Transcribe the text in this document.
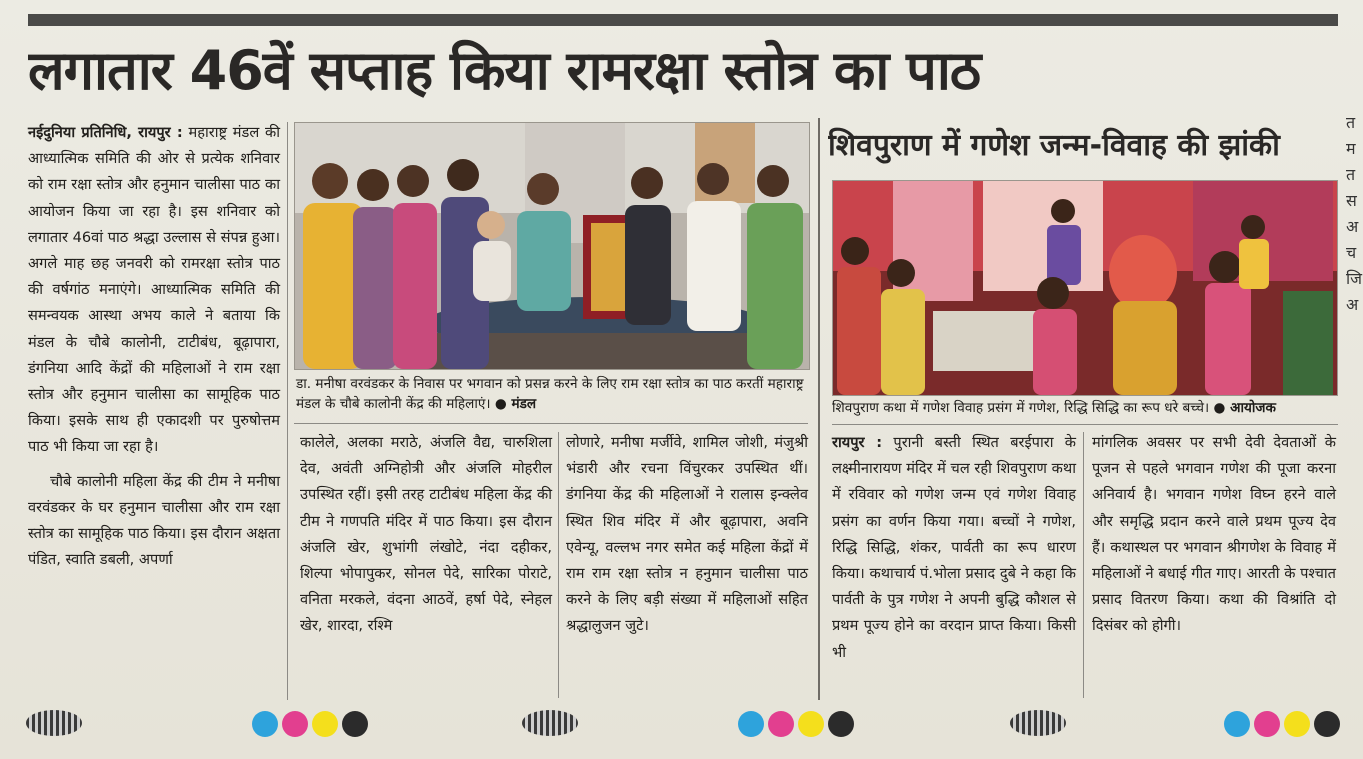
लगातार 46वें सप्ताह किया रामरक्षा स्तोत्र का पाठ

नईदुनिया प्रतिनिधि, रायपुर : महाराष्ट्र मंडल की आध्यात्मिक समिति की ओर से प्रत्येक शनिवार को राम रक्षा स्तोत्र और हनुमान चालीसा पाठ का आयोजन किया जा रहा है। इस शनिवार को लगातार 46वां पाठ श्रद्धा उल्लास से संपन्न हुआ। अगले माह छह जनवरी को रामरक्षा स्तोत्र पाठ की वर्षगांठ मनाएंगे। आध्यात्मिक समिति की समन्वयक आस्था अभय काले ने बताया कि मंडल के चौबे कालोनी, टाटीबंध, बूढ़ापारा, डंगनिया आदि केंद्रों की महिलाओं ने राम रक्षा स्तोत्र और हनुमान चालीसा का सामूहिक पाठ किया। इसके साथ ही एकादशी पर पुरुषोत्तम पाठ भी किया जा रहा है।

चौबे कालोनी महिला केंद्र की टीम ने मनीषा वरवंडकर के घर हनुमान चालीसा और राम रक्षा स्तोत्र का सामूहिक पाठ किया। इस दौरान अक्षता पंडित, स्वाति डबली, अपर्णा

डा. मनीषा वरवंडकर के निवास पर भगवान को प्रसन्न करने के लिए राम रक्षा स्तोत्र का पाठ करतीं महाराष्ट्र मंडल के चौबे कालोनी केंद्र की महिलाएं। ● मंडल

कालेले, अलका मराठे, अंजलि वैद्य, चारुशिला देव, अवंती अग्निहोत्री और अंजलि मोहरील उपस्थित रहीं। इसी तरह टाटीबंध महिला केंद्र की टीम ने गणपति मंदिर में पाठ किया। इस दौरान अंजलि खेर, शुभांगी लंखोटे, नंदा दहीकर, शिल्पा भोपापुकर, सोनल पेदे, सारिका पोराटे, वनिता मरकले, वंदना आठवें, हर्षा पेदे, स्नेहल खेर, शारदा, रश्मि

लोणारे, मनीषा मर्जीवे, शामिल जोशी, मंजुश्री भंडारी और रचना विंचुरकर उपस्थित थीं। डंगनिया केंद्र की महिलाओं ने रालास इन्क्लेव स्थित शिव मंदिर में और बूढ़ापारा, अवनि एवेन्यू, वल्लभ नगर समेत कई महिला केंद्रों में राम राम रक्षा स्तोत्र न हनुमान चालीसा पाठ करने के लिए बड़ी संख्या में महिलाओं सहित श्रद्धालुजन जुटे।

शिवपुराण में गणेश जन्म-विवाह की झांकी
शिवपुराण कथा में गणेश विवाह प्रसंग में गणेश, रिद्धि सिद्धि का रूप धरे बच्चे। ● आयोजक

रायपुर : पुरानी बस्ती स्थित बरईपारा के लक्ष्मीनारायण मंदिर में चल रही शिवपुराण कथा में रविवार को गणेश जन्म एवं गणेश विवाह प्रसंग का वर्णन किया गया। बच्चों ने गणेश, रिद्धि सिद्धि, शंकर, पार्वती का रूप धारण किया। कथाचार्य पं.भोला प्रसाद दुबे ने कहा कि पार्वती के पुत्र गणेश ने अपनी बुद्धि कौशल से प्रथम पूज्य होने का वरदान प्राप्त किया। किसी भी

मांगलिक अवसर पर सभी देवी देवताओं के पूजन से पहले भगवान गणेश की पूजा करना अनिवार्य है। भगवान गणेश विघ्न हरने वाले और समृद्धि प्रदान करने वाले प्रथम पूज्य देव हैं। कथास्थल पर भगवान श्रीगणेश के विवाह में महिलाओं ने बधाई गीत गाए। आरती के पश्चात प्रसाद वितरण किया। कथा की विश्रांति दो दिसंबर को होगी।

त म त स अ च जि अ
